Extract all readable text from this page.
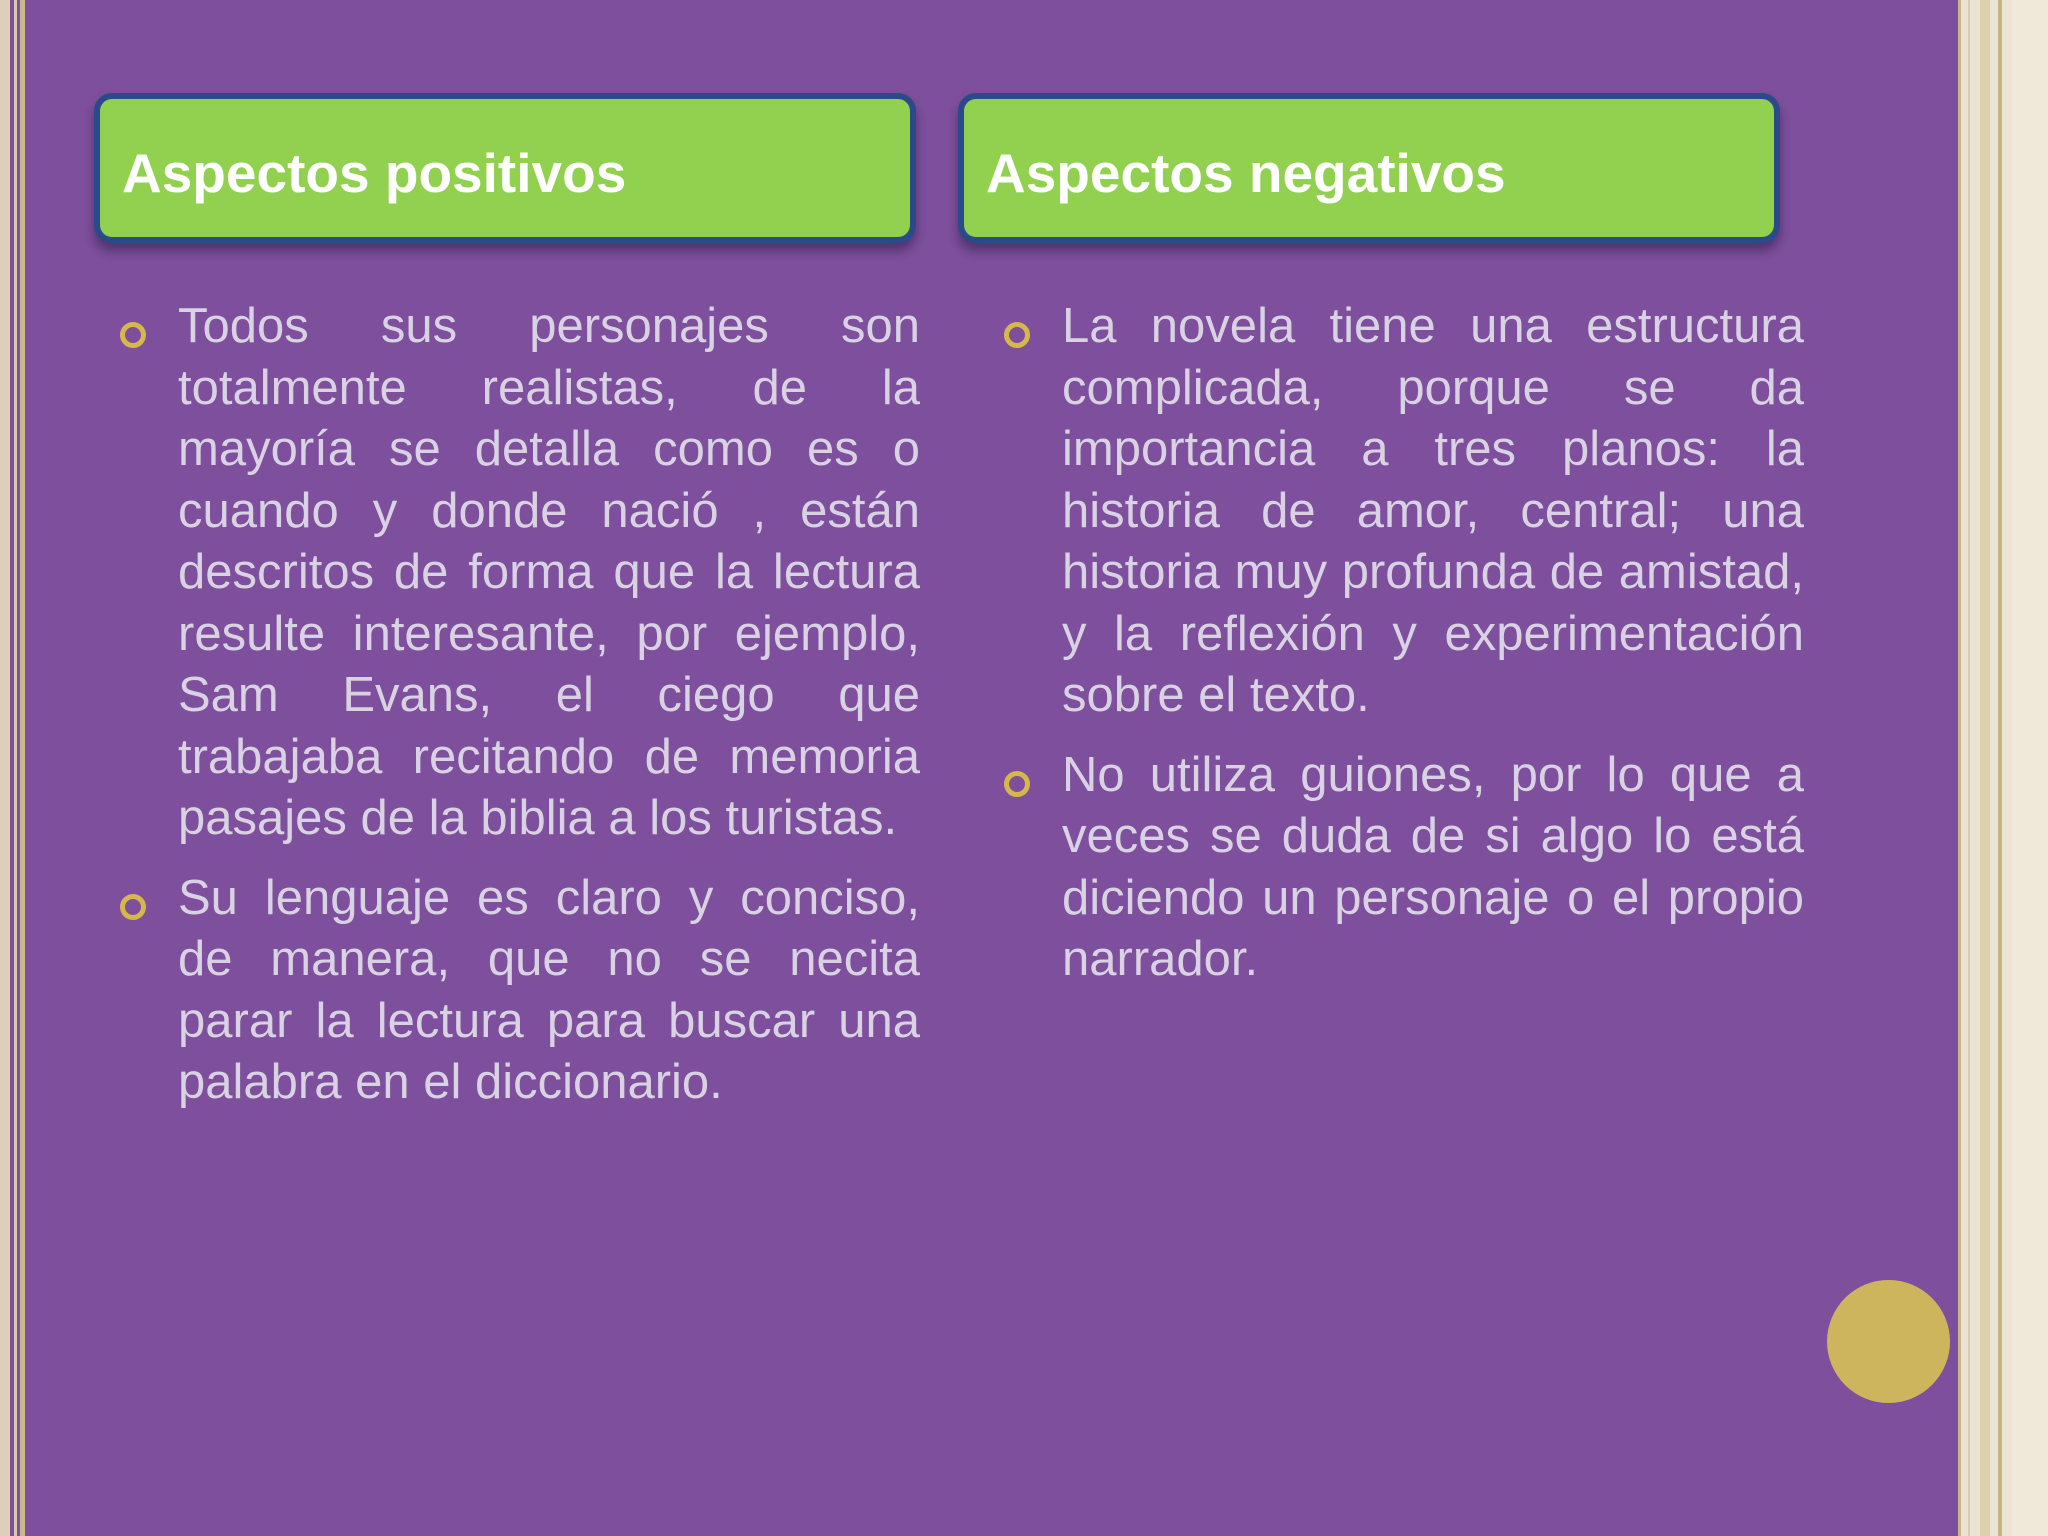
Aspectos positivos	Aspectos negativos
Todos sus personajes son totalmente realistas, de la mayoría se detalla como es o cuando y donde nació , están descritos de forma que la lectura resulte interesante, por ejemplo, Sam Evans, el ciego que trabajaba recitando de memoria pasajes de la biblia a los turistas.
Su lenguaje es claro y conciso, de manera, que no se necita parar la lectura para buscar una palabra en el diccionario.
La novela tiene una estructura complicada, porque se da importancia a tres planos: la historia de amor, central; una historia muy profunda de amistad, y la reflexión y experimentación sobre el texto.
No utiliza guiones, por lo que a veces se duda de si algo lo está diciendo un personaje o el propio narrador.
